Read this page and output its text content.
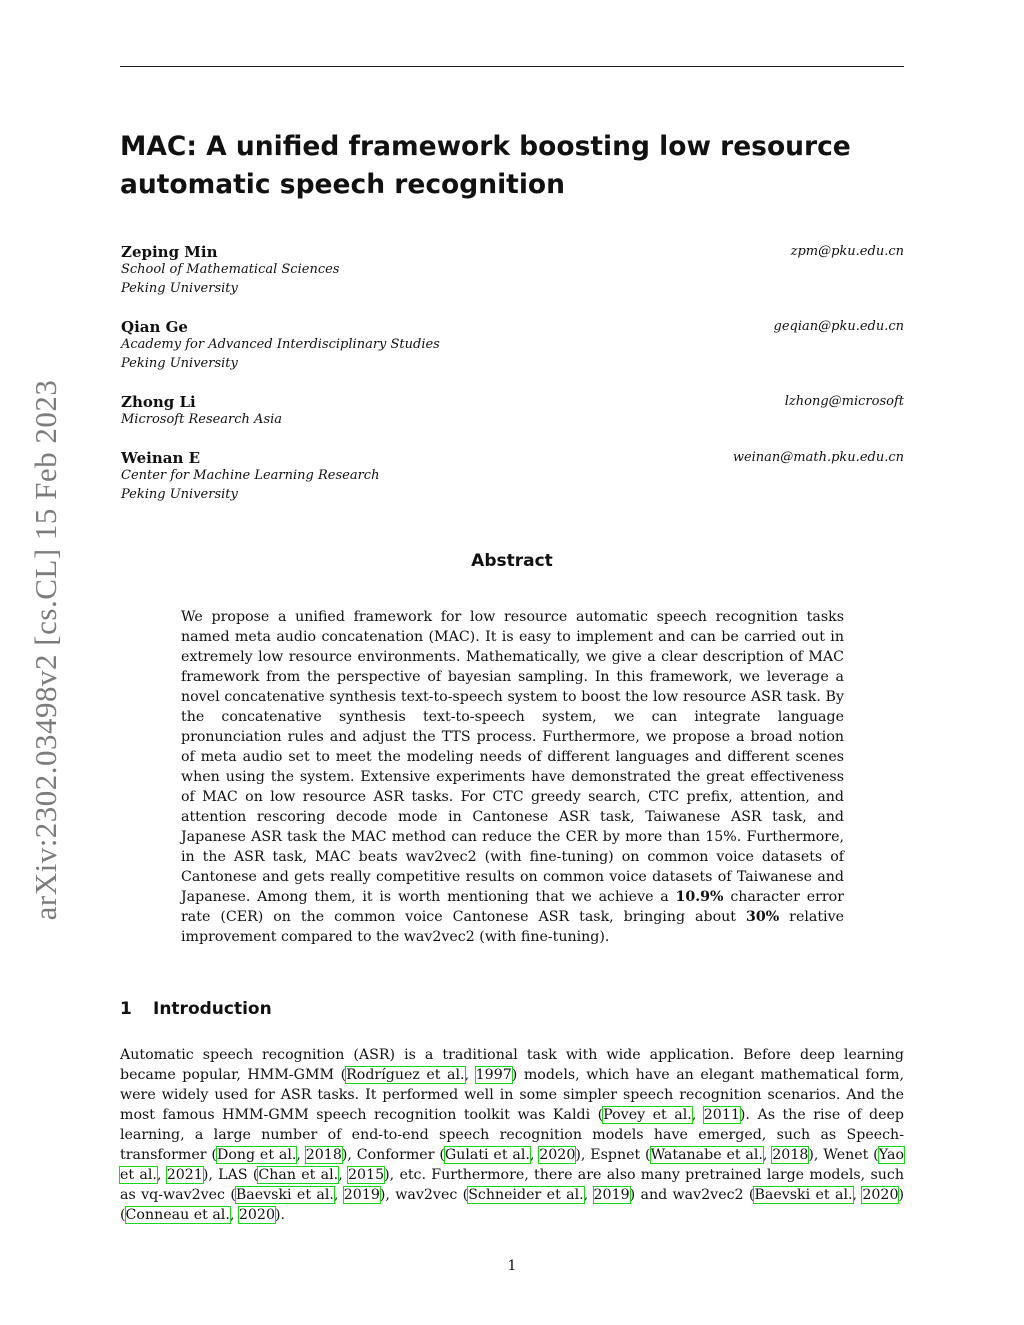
MAC: A unified framework boosting low resource automatic speech recognition
Zeping Min
School of Mathematical Sciences
Peking University
zpm@pku.edu.cn
Qian Ge
Academy for Advanced Interdisciplinary Studies
Peking University
geqian@pku.edu.cn
Zhong Li
Microsoft Research Asia
lzhong@microsoft
Weinan E
Center for Machine Learning Research
Peking University
weinan@math.pku.edu.cn
Abstract

We propose a unified framework for low resource automatic speech recognition tasks named meta audio concatenation (MAC). It is easy to implement and can be carried out in extremely low resource environments. Mathematically, we give a clear description of MAC framework from the perspective of bayesian sampling. In this framework, we leverage a novel concatenative synthesis text-to-speech system to boost the low resource ASR task. By the concatenative synthesis text-to-speech system, we can integrate language pronunciation rules and adjust the TTS process. Furthermore, we propose a broad notion of meta audio set to meet the modeling needs of different languages and different scenes when using the system. Extensive experiments have demonstrated the great effectiveness of MAC on low resource ASR tasks. For CTC greedy search, CTC prefix, attention, and attention rescoring decode mode in Cantonese ASR task, Taiwanese ASR task, and Japanese ASR task the MAC method can reduce the CER by more than 15%. Furthermore, in the ASR task, MAC beats wav2vec2 (with fine-tuning) on common voice datasets of Cantonese and gets really competitive results on common voice datasets of Taiwanese and Japanese. Among them, it is worth mentioning that we achieve a 10.9% character error rate (CER) on the common voice Cantonese ASR task, bringing about 30% relative improvement compared to the wav2vec2 (with fine-tuning).

1 Introduction

Automatic speech recognition (ASR) is a traditional task with wide application. Before deep learning became popular, HMM-GMM (Rodríguez et al., 1997) models, which have an elegant mathematical form, were widely used for ASR tasks. It performed well in some simpler speech recognition scenarios. And the most famous HMM-GMM speech recognition toolkit was Kaldi (Povey et al., 2011). As the rise of deep learning, a large number of end-to-end speech recognition models have emerged, such as Speech-transformer (Dong et al., 2018), Conformer (Gulati et al., 2020), Espnet (Watanabe et al., 2018), Wenet (Yao et al., 2021), LAS (Chan et al., 2015), etc. Furthermore, there are also many pretrained large models, such as vq-wav2vec (Baevski et al., 2019), wav2vec (Schneider et al., 2019) and wav2vec2 (Baevski et al., 2020) (Conneau et al., 2020).

1
arXiv:2302.03498v2 [cs.CL] 15 Feb 2023
